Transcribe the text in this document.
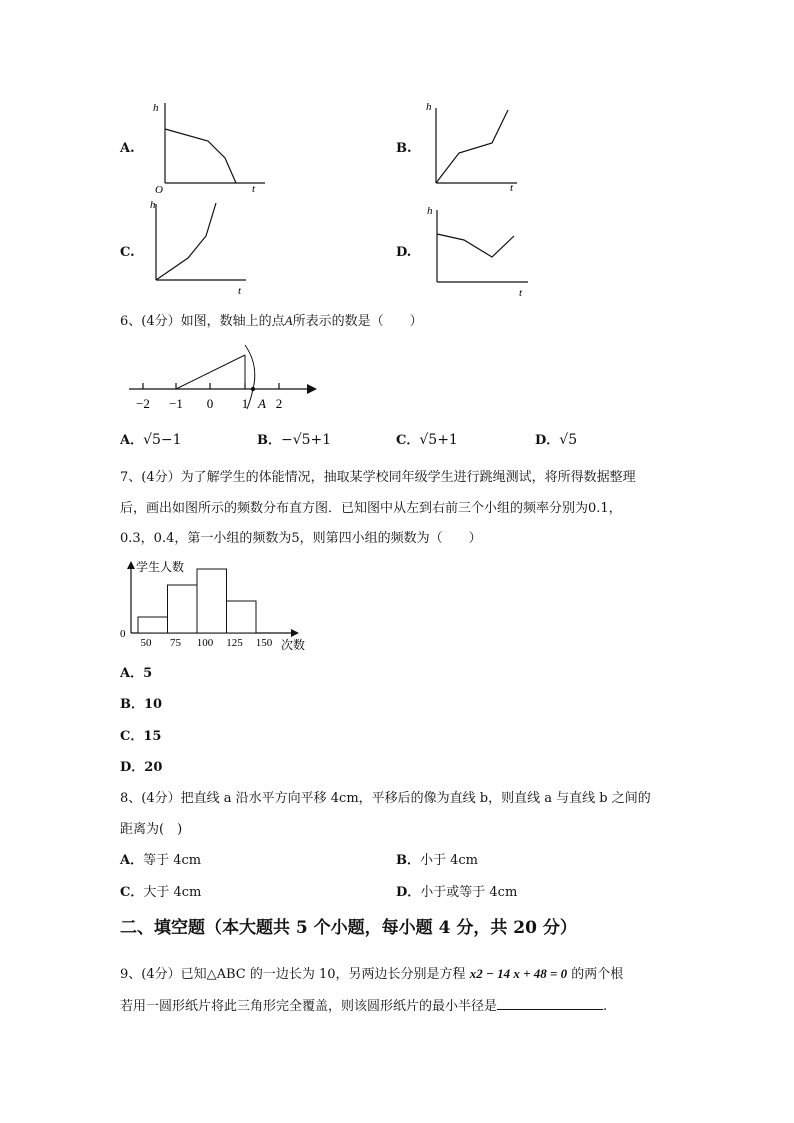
A.
h
t
O
B.
h
t
C.
h
t
D.
h
t
6、(4分）如图，数轴上的点A所表示的数是（　　）
−2 −1 0 1 2
A
A．√5−1	B．−√5+1	C．√5+1	D．√5
7、(4分）为了解学生的体能情况，抽取某学校同年级学生进行跳绳测试，将所得数据整理
后，画出如图所示的频数分布直方图．已知图中从左到右前三个小组的频率分别为0.1，
0.3，0.4，第一小组的频数为5，则第四小组的频数为（　　）
学生人数
0
次数
50 75 100 125 150
A．5
B．10
C．15
D．20
8、(4分）把直线 a 沿水平方向平移 4cm，平移后的像为直线 b，则直线 a 与直线 b 之间的
距离为(　)
A．等于 4cm	B．小于 4cm
C．大于 4cm	D．小于或等于 4cm
二、填空题（本大题共 5 个小题，每小题 4 分，共 20 分）
9、(4分）已知△ABC 的一边长为 10，另两边长分别是方程 x2 − 14 x + 48 = 0 的两个根
若用一圆形纸片将此三角形完全覆盖，则该圆形纸片的最小半径是	.
